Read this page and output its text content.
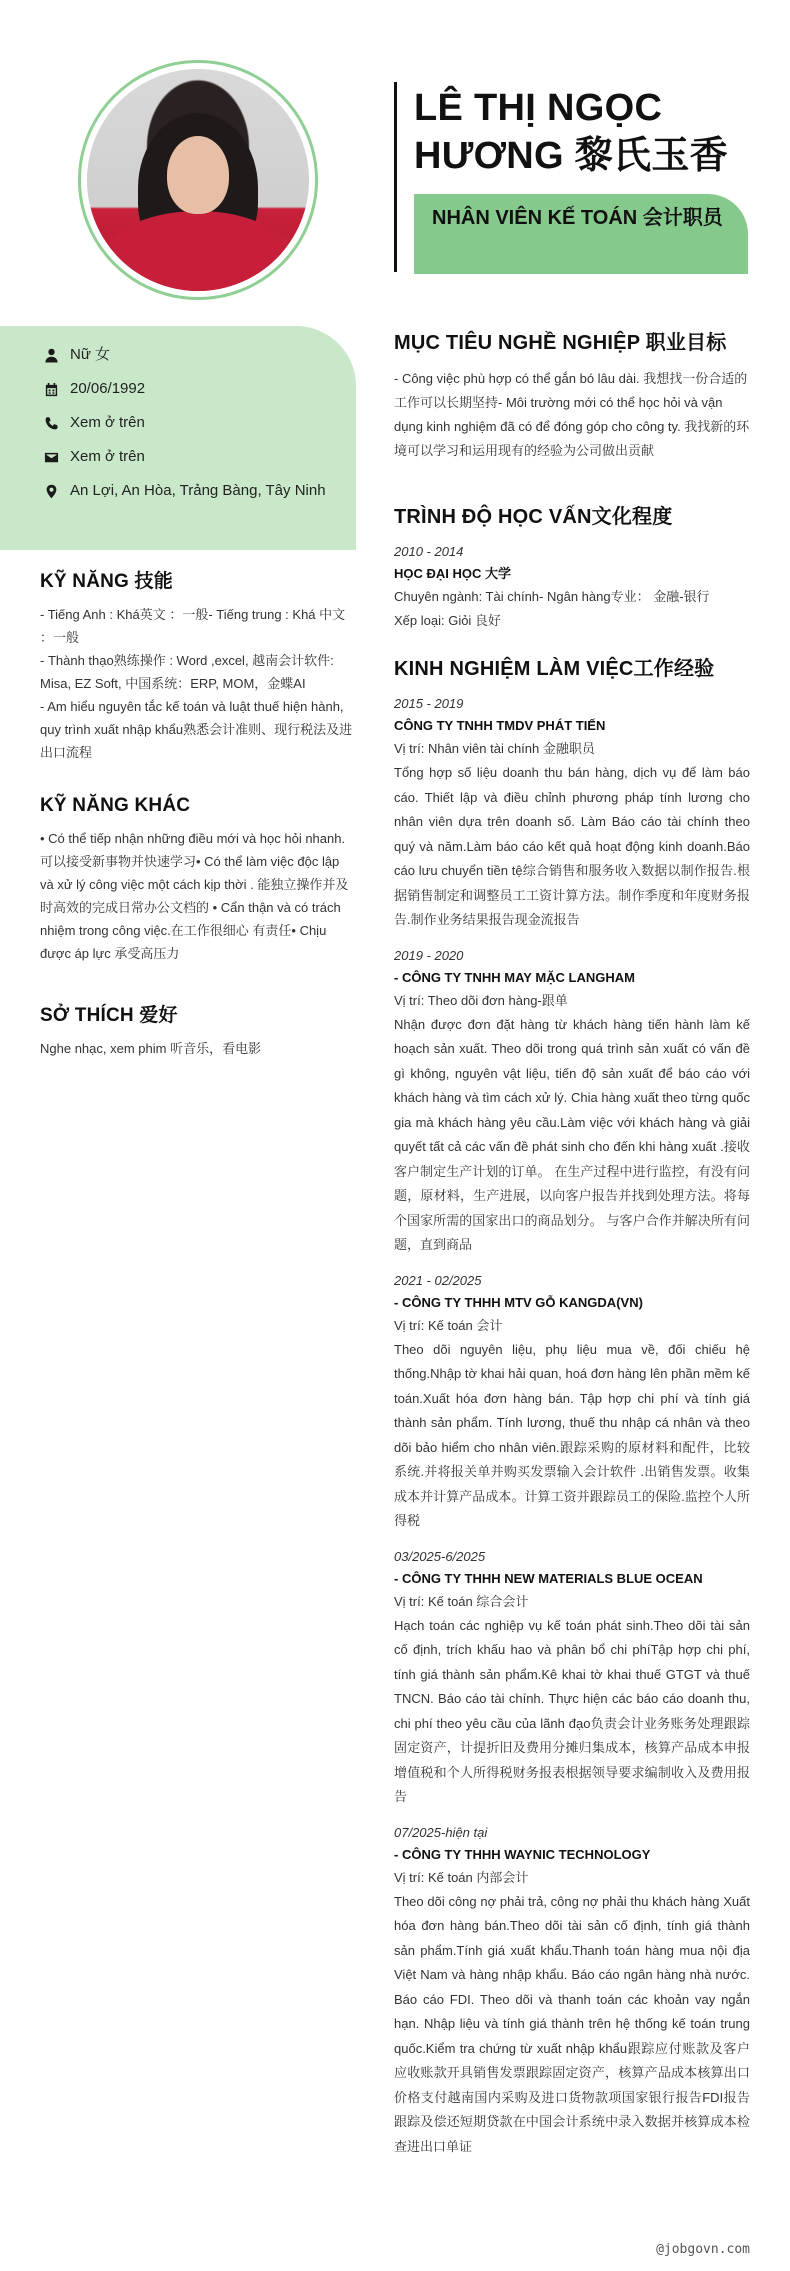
Nữ 女
20/06/1992
Xem ở trên
Xem ở trên
An Lợi, An Hòa, Trảng Bàng, Tây Ninh
KỸ NĂNG 技能

- Tiếng Anh : Khá英文 ：一般- Tiếng trung : Khá 中文 ：一般
- Thành thạo熟练操作 : Word ,excel, 越南会计软件: Misa, EZ Soft, 中国系统：ERP, MOM，金蝶AI
- Am hiểu nguyên tắc kế toán và luật thuế hiện hành, quy trình xuất nhập khẩu熟悉会计准则、现行税法及进出口流程

KỸ NĂNG KHÁC

• Có thể tiếp nhận những điều mới và học hỏi nhanh. 可以接受新事物并快速学习• Có thể làm việc độc lập và xử lý công việc một cách kịp thời . 能独立操作并及时高效的完成日常办公文档的 • Cẩn thận và có trách nhiệm trong công việc.在工作很细心 有责任• Chịu được áp lực 承受高压力

SỞ THÍCH 爱好

Nghe nhạc, xem phim 听音乐，看电影

LÊ THỊ NGỌC HƯƠNG 黎氏玉香
NHÂN VIÊN KẾ TOÁN 会计职员
MỤC TIÊU NGHỀ NGHIỆP 职业目标

- Công việc phù hợp có thể gắn bó lâu dài. 我想找一份合适的工作可以长期坚持- Môi trường mới có thể học hỏi và vận dụng kinh nghiệm đã có để đóng góp cho công ty. 我找新的环境可以学习和运用现有的经验为公司做出贡献

TRÌNH ĐỘ HỌC VẤN文化程度
2010 - 2014
HỌC ĐẠI HỌC 大学
Chuyên ngành: Tài chính- Ngân hàng专业： 金融-银行
Xếp loại: Giỏi 良好
KINH NGHIỆM LÀM VIỆC工作经验
2015 - 2019
CÔNG TY TNHH TMDV PHÁT TIẾN
Vị trí: Nhân viên tài chính 金融职员
Tổng hợp số liệu doanh thu bán hàng, dịch vụ để làm báo cáo. Thiết lập và điều chỉnh phương pháp tính lương cho nhân viên dựa trên doanh số. Làm Báo cáo tài chính theo quý và năm.Làm báo cáo kết quả hoạt động kinh doanh.Báo cáo lưu chuyển tiền tệ综合销售和服务收入数据以制作报告.根据销售制定和调整员工工资计算方法。制作季度和年度财务报告.制作业务结果报告现金流报告
2019 - 2020
- CÔNG TY TNHH MAY MẶC LANGHAM
Vị trí: Theo dõi đơn hàng-跟单
Nhận được đơn đặt hàng từ khách hàng tiến hành làm kế hoạch sản xuất. Theo dõi trong quá trình sản xuất có vấn đề gì không, nguyên vật liệu, tiến độ sản xuất để báo cáo với khách hàng và tìm cách xử lý. Chia hàng xuất theo từng quốc gia mà khách hàng yêu cầu.Làm việc với khách hàng và giải quyết tất cả các vấn đề phát sinh cho đến khi hàng xuất .接收客户制定生产计划的订单。 在生产过程中进行监控，有没有问题，原材料，生产进展，以向客户报告并找到处理方法。将每个国家所需的国家出口的商品划分。 与客户合作并解决所有问题，直到商品
2021 - 02/2025
- CÔNG TY THHH MTV GỖ KANGDA(VN)
Vị trí: Kế toán 会计
Theo dõi nguyên liệu, phụ liệu mua về, đối chiếu hệ thống.Nhập tờ khai hải quan, hoá đơn hàng lên phần mềm kế toán.Xuất hóa đơn hàng bán. Tập hợp chi phí và tính giá thành sản phẩm. Tính lương, thuế thu nhập cá nhân và theo dõi bảo hiểm cho nhân viên.跟踪采购的原材料和配件，比较系统.并将报关单并购买发票输入会计软件 .出销售发票。收集成本并计算产品成本。计算工资并跟踪员工的保险.监控个人所得税
03/2025-6/2025
- CÔNG TY THHH NEW MATERIALS BLUE OCEAN
Vị trí: Kế toán 综合会计
Hạch toán các nghiệp vụ kế toán phát sinh.Theo dõi tài sản cố định, trích khấu hao và phân bổ chi phíTập hợp chi phí, tính giá thành sản phẩm.Kê khai tờ khai thuế GTGT và thuế TNCN. Báo cáo tài chính. Thực hiện các báo cáo doanh thu, chi phí theo yêu cầu của lãnh đạo负责会计业务账务处理跟踪固定资产，计提折旧及费用分摊归集成本，核算产品成本申报增值税和个人所得税财务报表根据领导要求编制收入及费用报告
07/2025-hiện tại
- CÔNG TY THHH WAYNIC TECHNOLOGY
Vị trí: Kế toán 内部会计
Theo dõi công nợ phải trả, công nợ phải thu khách hàng Xuất hóa đơn hàng bán.Theo dõi tài sản cố định, tính giá thành sản phẩm.Tính giá xuất khẩu.Thanh toán hàng mua nội địa Việt Nam và hàng nhập khẩu. Báo cáo ngân hàng nhà nước. Báo cáo FDI. Theo dõi và thanh toán các khoản vay ngắn hạn. Nhập liệu và tính giá thành trên hệ thống kế toán trung quốc.Kiểm tra chứng từ xuất nhập khẩu跟踪应付账款及客户应收账款开具销售发票跟踪固定资产，核算产品成本核算出口价格支付越南国内采购及进口货物款项国家银行报告FDI报告跟踪及偿还短期贷款在中国会计系统中录入数据并核算成本检查进出口单证
@jobgovn.com
